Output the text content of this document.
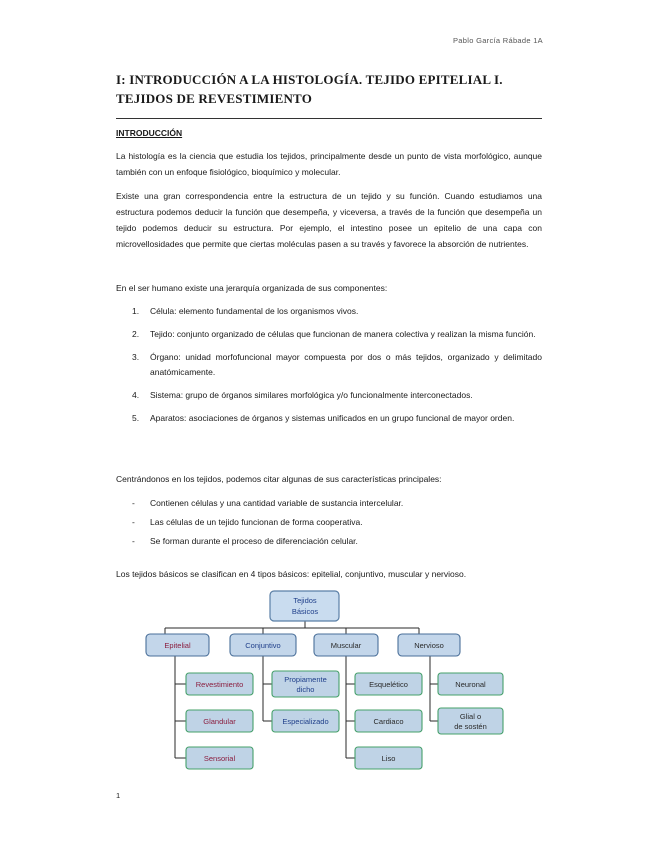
Pablo García Rábade 1A
I: INTRODUCCIÓN A LA HISTOLOGÍA. TEJIDO EPITELIAL I. TEJIDOS DE REVESTIMIENTO
INTRODUCCIÓN
La histología es la ciencia que estudia los tejidos, principalmente desde un punto de vista morfológico, aunque también con un enfoque fisiológico, bioquímico y molecular.
Existe una gran correspondencia entre la estructura de un tejido y su función. Cuando estudiamos una estructura podemos deducir la función que desempeña, y viceversa, a través de la función que desempeña un tejido podemos deducir su estructura. Por ejemplo, el intestino posee un epitelio de una capa con microvellosidades que permite que ciertas moléculas pasen a su través y favorece la absorción de nutrientes.
En el ser humano existe una jerarquía organizada de sus componentes:
1. Célula: elemento fundamental de los organismos vivos.
2. Tejido: conjunto organizado de células que funcionan de manera colectiva y realizan la misma función.
3. Órgano: unidad morfofuncional mayor compuesta por dos o más tejidos, organizado y delimitado anatómicamente.
4. Sistema: grupo de órganos similares morfológica y/o funcionalmente interconectados.
5. Aparatos: asociaciones de órganos y sistemas unificados en un grupo funcional de mayor orden.
Centrándonos en los tejidos, podemos citar algunas de sus características principales:
- Contienen células y una cantidad variable de sustancia intercelular.
- Las células de un tejido funcionan de forma cooperativa.
- Se forman durante el proceso de diferenciación celular.
Los tejidos básicos se clasifican en 4 tipos básicos: epitelial, conjuntivo, muscular y nervioso.
Tejidos
Básicos
Epitelial	Conjuntivo	Muscular	Nervioso
Revestimiento
Glandular
Sensorial
Propiamente
dicho
Especializado
Esquelético
Cardiaco
Liso
Neuronal
Glial o
de sostén
1
